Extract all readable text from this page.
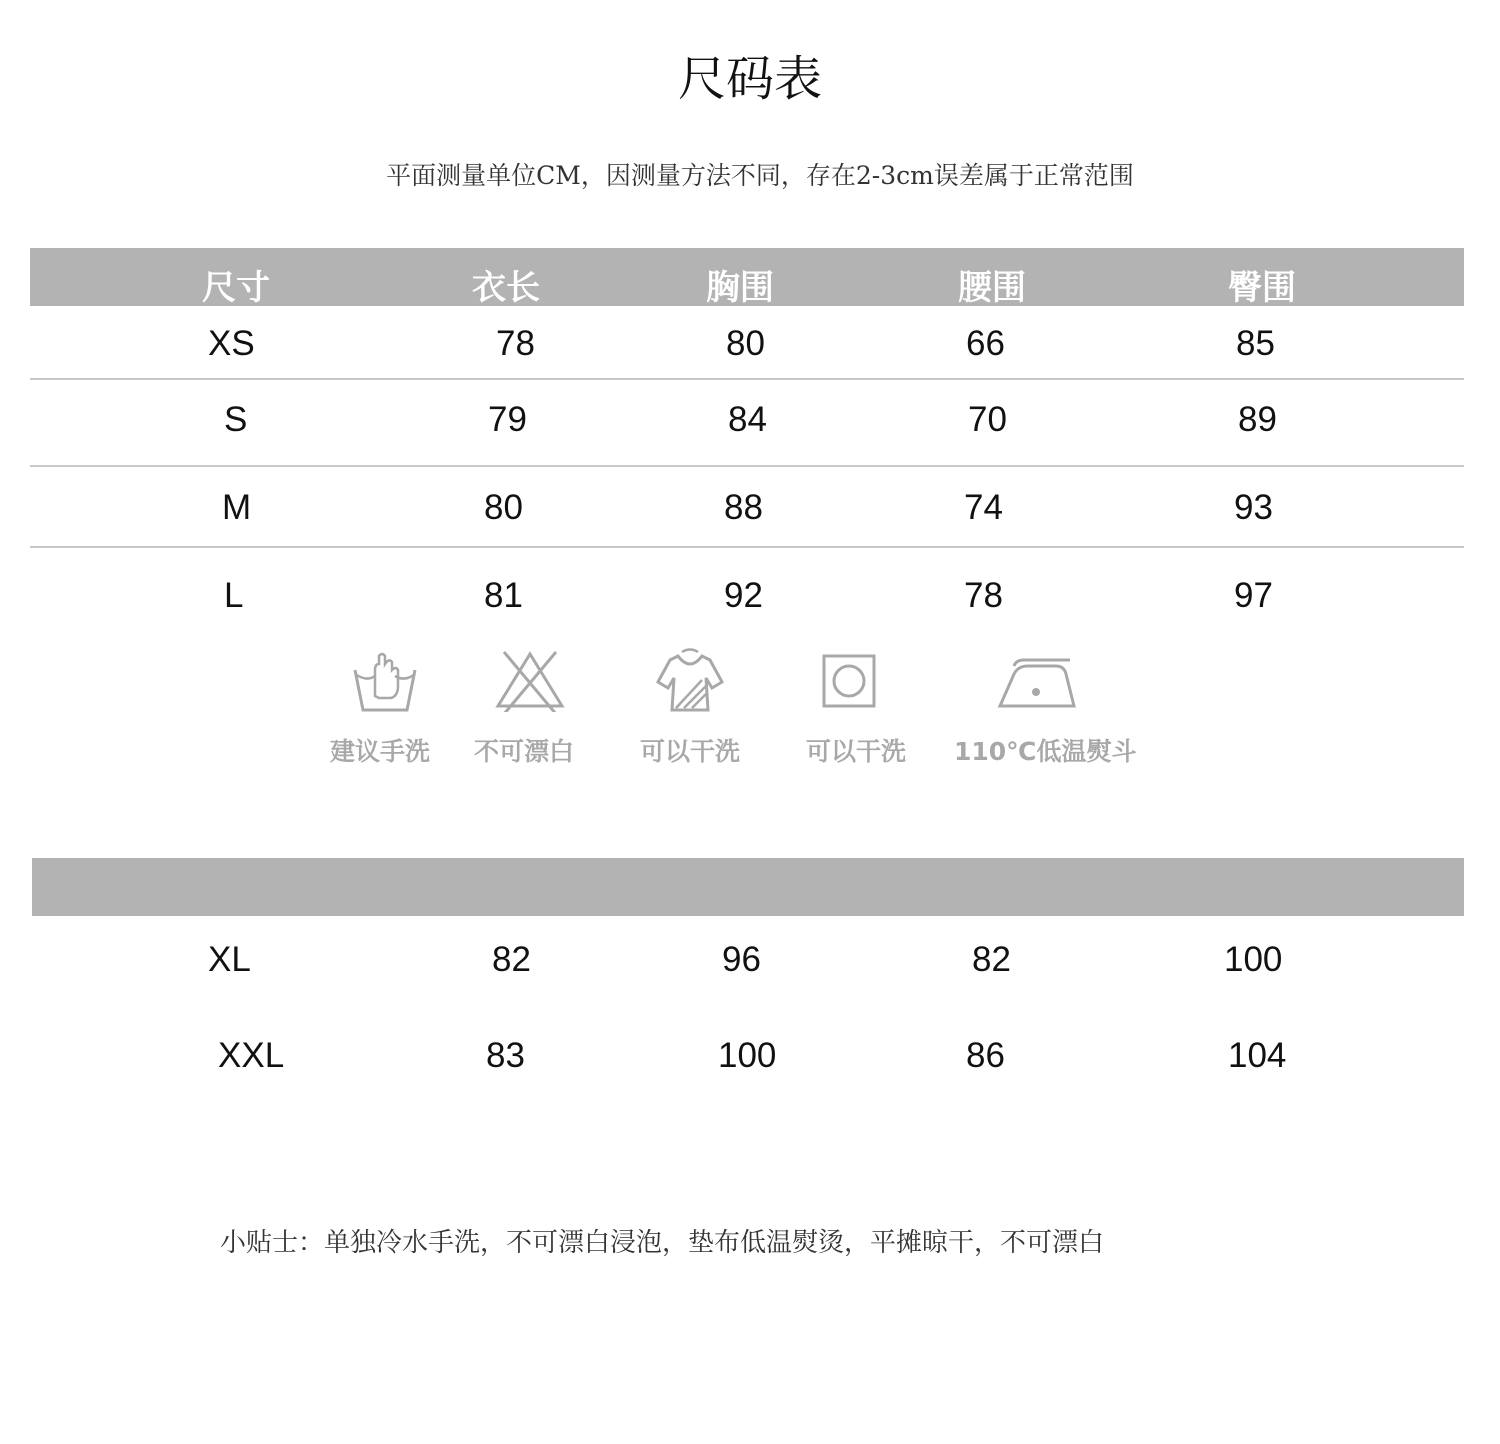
尺码表
平面测量单位CM，因测量方法不同，存在2-3cm误差属于正常范围
尺寸	衣长	胸围	腰围	臀围
XS	78	80	66	85
S	79	84	70	89
M	80	88	74	93
L	81	92	78	97
建议手洗 不可漂白	可以干洗	可以干洗 110℃低温熨斗
XL	82	96	82	100
XXL	83	100	86	104
小贴士：单独冷水手洗，不可漂白浸泡，垫布低温熨烫，平摊晾干，不可漂白
